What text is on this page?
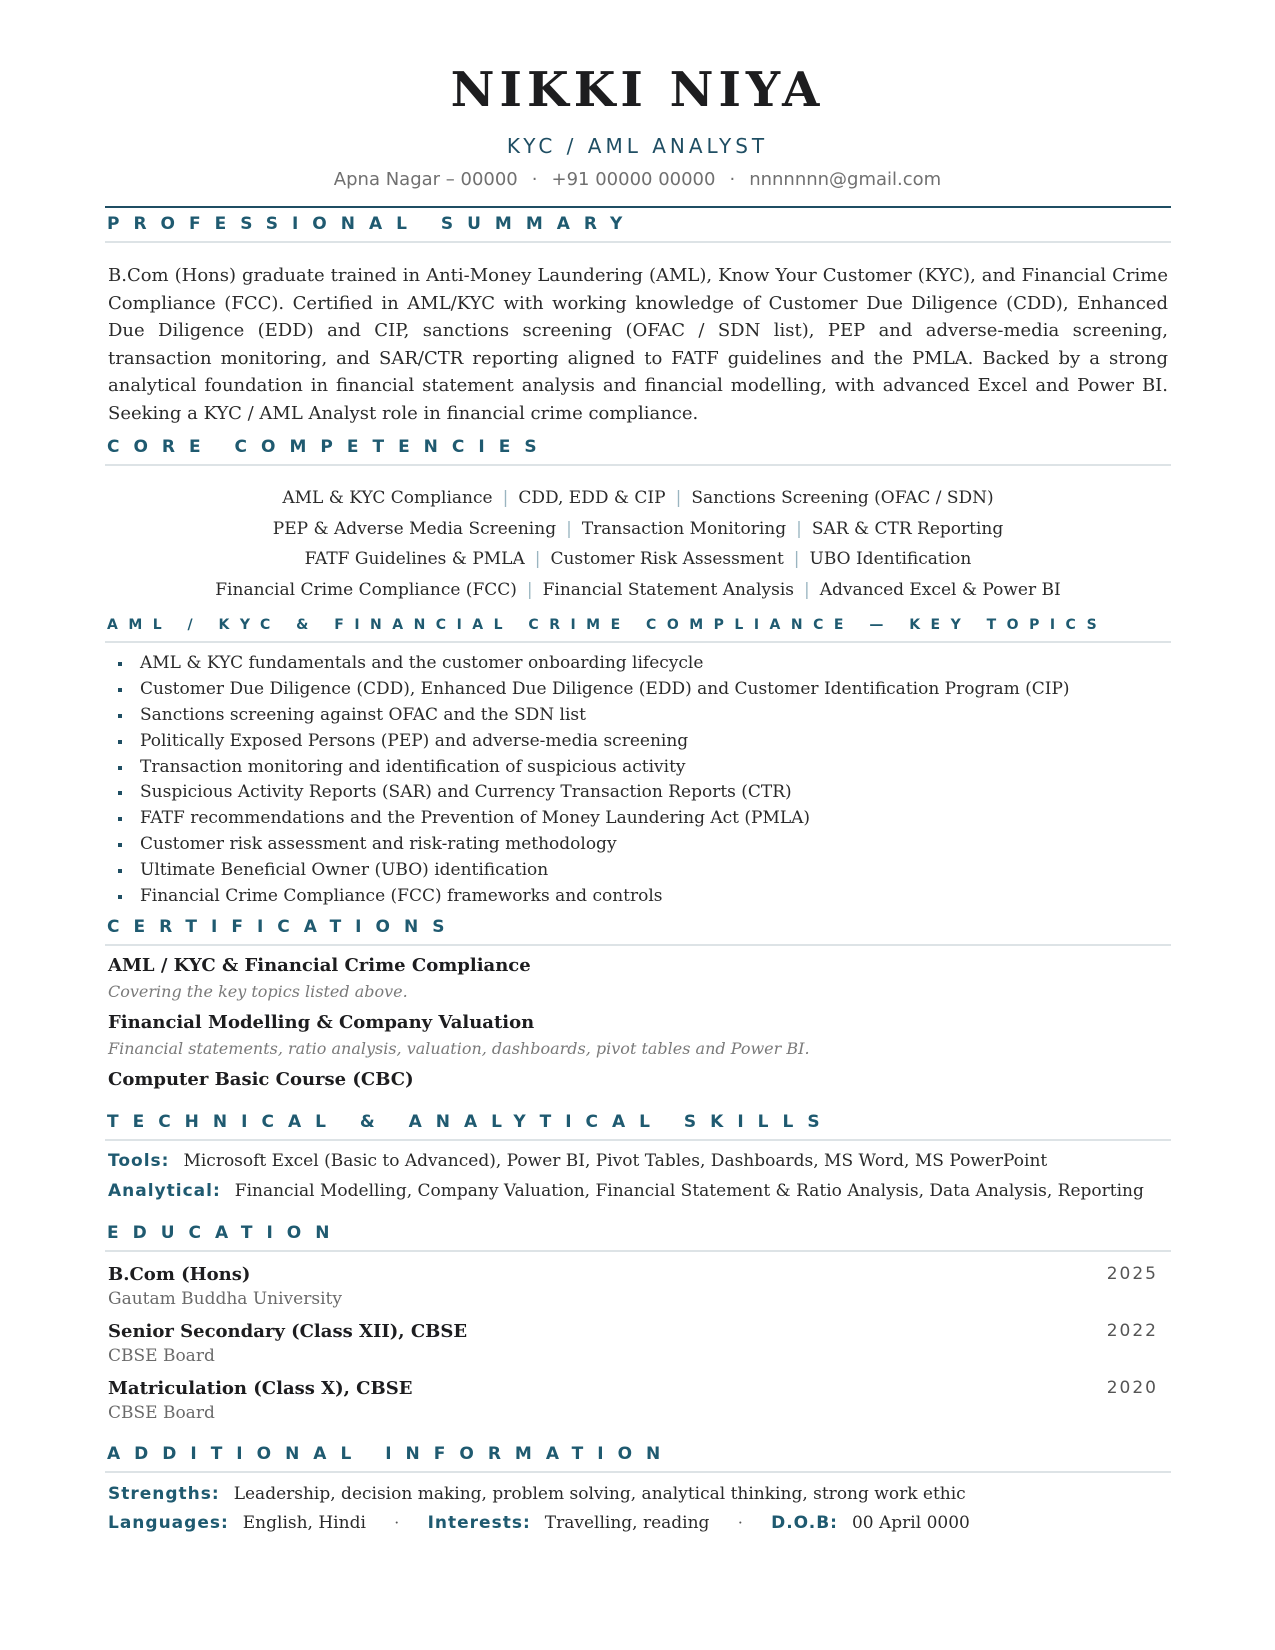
NIKKI NIYA
KYC / AML ANALYST
Apna Nagar – 00000 · +91 00000 00000 · nnnnnnn@gmail.com
PROFESSIONAL SUMMARY
B.Com (Hons) graduate trained in Anti-Money Laundering (AML), Know Your Customer (KYC), and Financial Crime Compliance (FCC). Certified in AML/KYC with working knowledge of Customer Due Diligence (CDD), Enhanced Due Diligence (EDD) and CIP, sanctions screening (OFAC / SDN list), PEP and adverse-media screening, transaction monitoring, and SAR/CTR reporting aligned to FATF guidelines and the PMLA. Backed by a strong analytical foundation in financial statement analysis and financial modelling, with advanced Excel and Power BI. Seeking a KYC / AML Analyst role in financial crime compliance.
CORE COMPETENCIES
AML & KYC Compliance | CDD, EDD & CIP | Sanctions Screening (OFAC / SDN)
PEP & Adverse Media Screening | Transaction Monitoring | SAR & CTR Reporting
FATF Guidelines & PMLA | Customer Risk Assessment | UBO Identification
Financial Crime Compliance (FCC) | Financial Statement Analysis | Advanced Excel & Power BI
AML / KYC & FINANCIAL CRIME COMPLIANCE — KEY TOPICS
AML & KYC fundamentals and the customer onboarding lifecycle
Customer Due Diligence (CDD), Enhanced Due Diligence (EDD) and Customer Identification Program (CIP)
Sanctions screening against OFAC and the SDN list
Politically Exposed Persons (PEP) and adverse-media screening
Transaction monitoring and identification of suspicious activity
Suspicious Activity Reports (SAR) and Currency Transaction Reports (CTR)
FATF recommendations and the Prevention of Money Laundering Act (PMLA)
Customer risk assessment and risk-rating methodology
Ultimate Beneficial Owner (UBO) identification
Financial Crime Compliance (FCC) frameworks and controls
CERTIFICATIONS
AML / KYC & Financial Crime Compliance
Covering the key topics listed above.
Financial Modelling & Company Valuation
Financial statements, ratio analysis, valuation, dashboards, pivot tables and Power BI.
Computer Basic Course (CBC)
TECHNICAL & ANALYTICAL SKILLS
Tools: Microsoft Excel (Basic to Advanced), Power BI, Pivot Tables, Dashboards, MS Word, MS PowerPoint
Analytical: Financial Modelling, Company Valuation, Financial Statement & Ratio Analysis, Data Analysis, Reporting
EDUCATION
B.Com (Hons)	2025
Gautam Buddha University
Senior Secondary (Class XII), CBSE	2022
CBSE Board
Matriculation (Class X), CBSE	2020
CBSE Board
ADDITIONAL INFORMATION
Strengths: Leadership, decision making, problem solving, analytical thinking, strong work ethic
Languages: English, Hindi · Interests: Travelling, reading · D.O.B: 00 April 0000
